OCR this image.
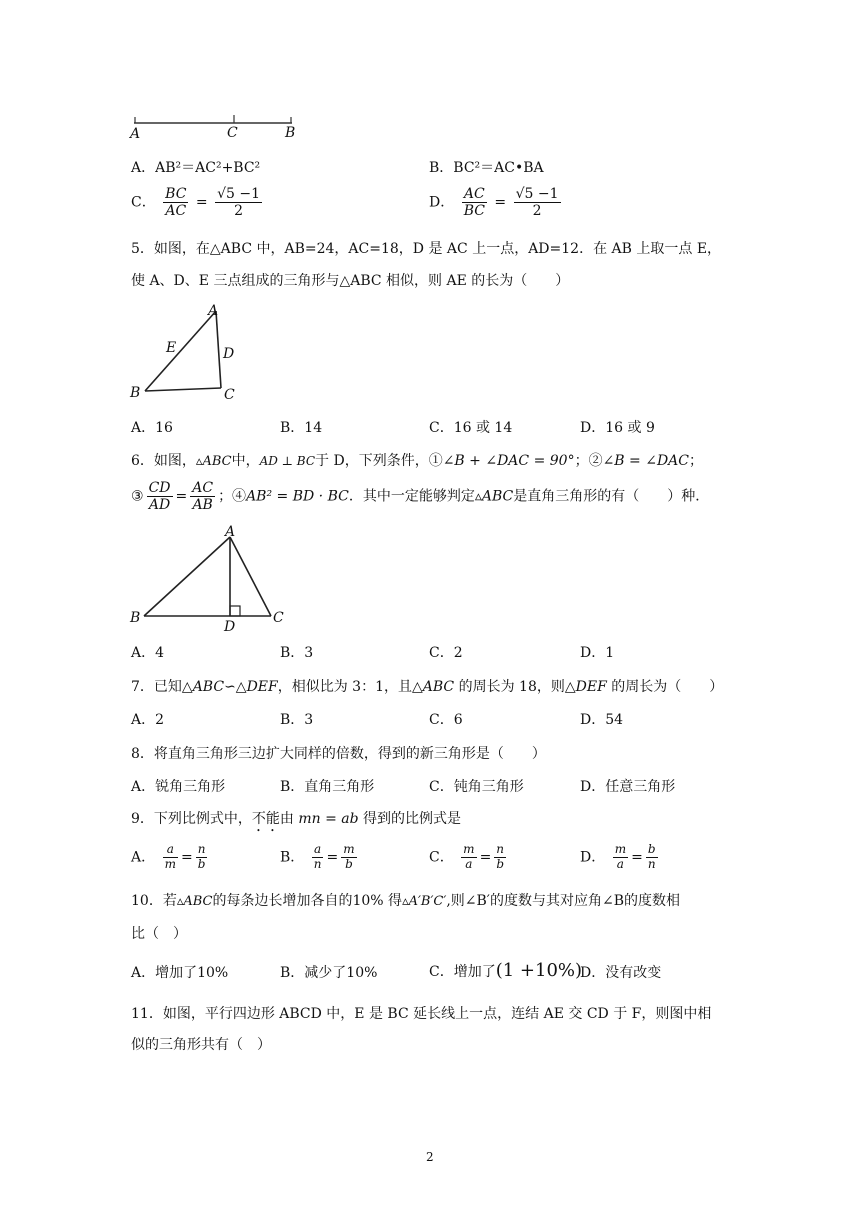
A	C	B
A．AB²＝AC²+BC²	B．BC²＝AC•BA
C． $\frac{BC}{AC} = \frac{√5 -1}{2}$	D． $\frac{AC}{BC} = \frac{√5 -1}{2}$
5．如图，在△ABC 中，AB=24，AC=18，D 是 AC 上一点，AD=12．在 AB 上取一点 E，
使 A、D、E 三点组成的三角形与△ABC 相似，则 AE 的长为（　　）
A
E	D
B	C
A．16	B．14	C．16 或 14	D．16 或 9
6．如图，▵ABC中，AD ⊥ BC于 D，下列条件，①∠B + ∠DAC = 90°；②∠B = ∠DAC；
③ $\frac{CD}{AD} = \frac{AC}{AB}$ ；④AB² = BD · BC．其中一定能够判定▵ABC是直角三角形的有（　　）种．
A
B
D
C
A．4	B．3	C．2	D．1
7．已知△ABC∽△DEF，相似比为 3：1，且△ABC 的周长为 18，则△DEF 的周长为（　　）
A．2	B．3	C．6	D．54
8．将直角三角形三边扩大同样的倍数，得到的新三角形是（　　）
A．锐角三角形	B．直角三角形	C．钝角三角形	D．任意三角形
9．下列比例式中，不能由 mn = ab 得到的比例式是
A． $\frac{a}{m} = \frac{n}{b}$	B． $\frac{a}{n} = \frac{m}{b}$	C． $\frac{m}{a} = \frac{n}{b}$	D． $\frac{m}{a} = \frac{b}{n}$
10．若▵ABC的每条边长增加各自的10% 得▵A′B′C′,则∠B′的度数与其对应角∠B的度数相
比（　）
A．增加了10%	B．减少了10%	C．增加了(1 +10%)
D．没有改变
11．如图，平行四边形 ABCD 中，E 是 BC 延长线上一点，连结 AE 交 CD 于 F，则图中相
似的三角形共有（　）
2
